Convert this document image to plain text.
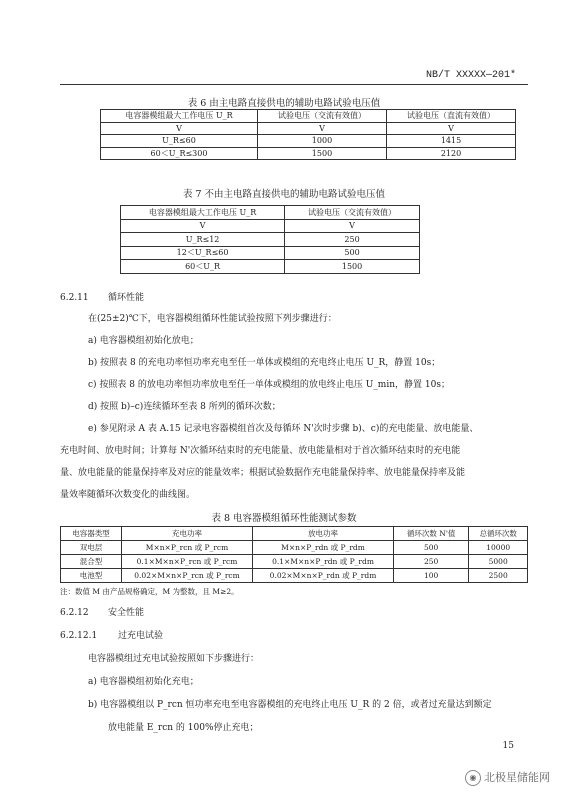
NB/T XXXXX—201*
表 6 由主电路直接供电的辅助电路试验电压值
电容器模组最大工作电压 U_R	试验电压（交流有效值）	试验电压（直流有效值）
V	V	V
U_R≤60	1000	1415
60＜U_R≤300	1500	2120
表 7 不由主电路直接供电的辅助电路试验电压值
电容器模组最大工作电压 U_R	试验电压（交流有效值）
V	V
U_R≤12	250
12＜U_R≤60	500
60＜U_R	1500
6.2.11 循环性能
在(25±2)℃下，电容器模组循环性能试验按照下列步骤进行：
a) 电容器模组初始化放电；
b) 按照表 8 的充电功率恒功率充电至任一单体或模组的充电终止电压 U_R，静置 10s；
c) 按照表 8 的放电功率恒功率放电至任一单体或模组的放电终止电压 U_min，静置 10s；
d) 按照 b)–c)连续循环至表 8 所列的循环次数；
e) 参见附录 A 表 A.15 记录电容器模组首次及每循环 N'次时步骤 b)、c)的充电能量、放电能量、
充电时间、放电时间；计算每 N'次循环结束时的充电能量、放电能量相对于首次循环结束时的充电能
量、放电能量的能量保持率及对应的能量效率；根据试验数据作充电能量保持率、放电能量保持率及能
量效率随循环次数变化的曲线图。
表 8 电容器模组循环性能测试参数
电容器类型	充电功率	放电功率	循环次数 N'值	总循环次数
双电层	M×n×P_rcn 或 P_rcm	M×n×P_rdn 或 P_rdm	500	10000
混合型	0.1×M×n×P_rcn 或 P_rcm	0.1×M×n×P_rdn 或 P_rdm	250	5000
电池型	0.02×M×n×P_rcn 或 P_rcm	0.02×M×n×P_rdn 或 P_rdm	100	2500
注：数值 M 由产品规格确定，M 为整数，且 M≥2。
6.2.12 安全性能
6.2.12.1 过充电试验
电容器模组过充电试验按照如下步骤进行：
a) 电容器模组初始化充电；
b) 电容器模组以 P_rcn 恒功率充电至电容器模组的充电终止电压 U_R 的 2 倍，或者过充量达到额定
放电能量 E_rcn 的 100%停止充电；
15
◉ 北极星储能网
